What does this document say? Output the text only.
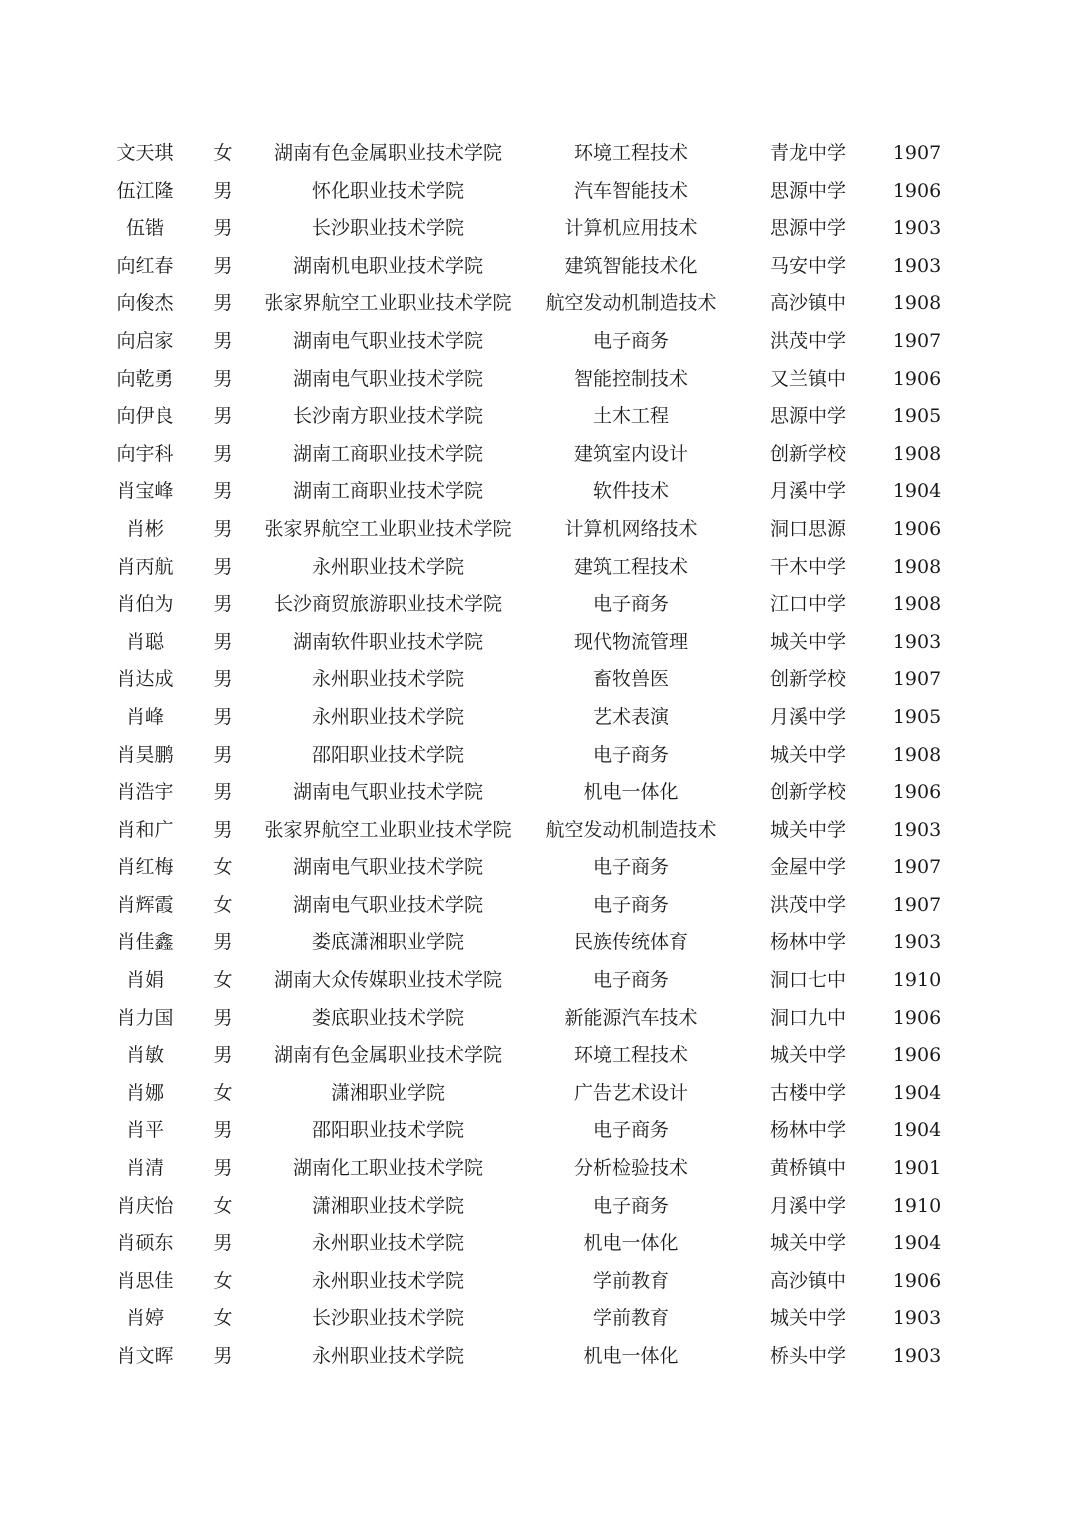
文天琪	女	湖南有色金属职业技术学院	环境工程技术	青龙中学	1907
伍江隆	男	怀化职业技术学院	汽车智能技术	思源中学	1906
伍锴	男	长沙职业技术学院	计算机应用技术	思源中学	1903
向红春	男	湖南机电职业技术学院	建筑智能技术化	马安中学	1903
向俊杰	男	张家界航空工业职业技术学院	航空发动机制造技术	高沙镇中	1908
向启家	男	湖南电气职业技术学院	电子商务	洪茂中学	1907
向乾勇	男	湖南电气职业技术学院	智能控制技术	又兰镇中	1906
向伊良	男	长沙南方职业技术学院	土木工程	思源中学	1905
向宇科	男	湖南工商职业技术学院	建筑室内设计	创新学校	1908
肖宝峰	男	湖南工商职业技术学院	软件技术	月溪中学	1904
肖彬	男	张家界航空工业职业技术学院	计算机网络技术	洞口思源	1906
肖丙航	男	永州职业技术学院	建筑工程技术	干木中学	1908
肖伯为	男	长沙商贸旅游职业技术学院	电子商务	江口中学	1908
肖聪	男	湖南软件职业技术学院	现代物流管理	城关中学	1903
肖达成	男	永州职业技术学院	畜牧兽医	创新学校	1907
肖峰	男	永州职业技术学院	艺术表演	月溪中学	1905
肖昊鹏	男	邵阳职业技术学院	电子商务	城关中学	1908
肖浩宇	男	湖南电气职业技术学院	机电一体化	创新学校	1906
肖和广	男	张家界航空工业职业技术学院	航空发动机制造技术	城关中学	1903
肖红梅	女	湖南电气职业技术学院	电子商务	金屋中学	1907
肖辉霞	女	湖南电气职业技术学院	电子商务	洪茂中学	1907
肖佳鑫	男	娄底潇湘职业学院	民族传统体育	杨林中学	1903
肖娟	女	湖南大众传媒职业技术学院	电子商务	洞口七中	1910
肖力国	男	娄底职业技术学院	新能源汽车技术	洞口九中	1906
肖敏	男	湖南有色金属职业技术学院	环境工程技术	城关中学	1906
肖娜	女	潇湘职业学院	广告艺术设计	古楼中学	1904
肖平	男	邵阳职业技术学院	电子商务	杨林中学	1904
肖清	男	湖南化工职业技术学院	分析检验技术	黄桥镇中	1901
肖庆怡	女	潇湘职业技术学院	电子商务	月溪中学	1910
肖硕东	男	永州职业技术学院	机电一体化	城关中学	1904
肖思佳	女	永州职业技术学院	学前教育	高沙镇中	1906
肖婷	女	长沙职业技术学院	学前教育	城关中学	1903
肖文晖	男	永州职业技术学院	机电一体化	桥头中学	1903
